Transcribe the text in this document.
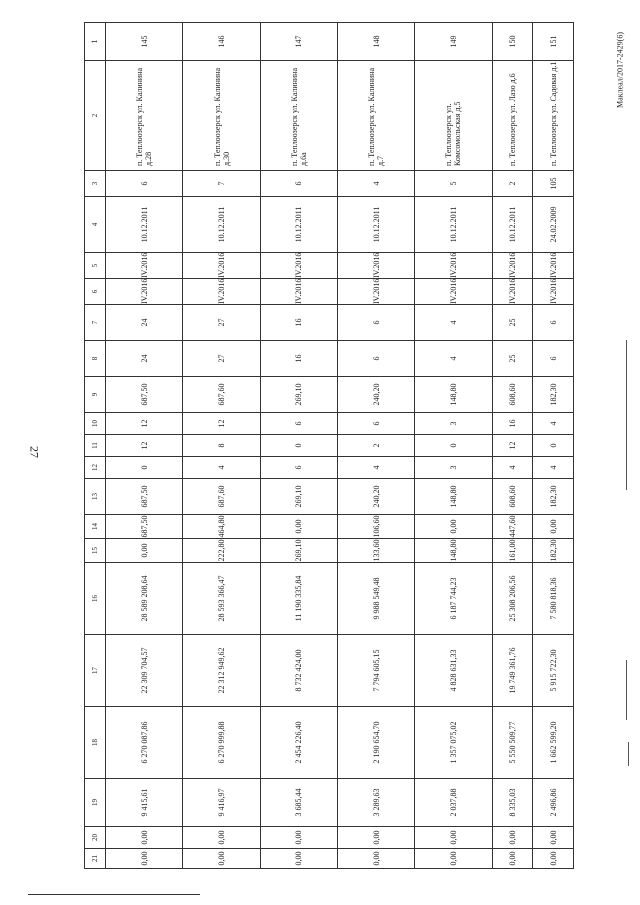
27
Маклеал/2017-2429(6)
151	п. Теплоозерск ул. Садовая д.1	105	24.02.2009	IV.2016	IV.2016	6	6	182,30	4	0	4	182,30	0,00	182,30	7 580 818,36	5 915 722,30	1 662 599,20	2 496,86	0,00	0,00

150	п. Теплоозерск ул. Лазо д.6	2	10.12.2011	IV.2016	IV.2016	25	25	608,60	16	12	4	608,60	447,60	161,00	25 308 206,56	19 749 361,76	5 550 509,77	8 335,03	0,00	0,00

149	п. Теплоозерск ул. Комсомольская д.5	5	10.12.2011	IV.2016	IV.2016	4	4	148,80	3	0	3	148,80	0,00	148,80	6 187 744,23	4 828 631,33	1 357 075,02	2 037,88	0,00	0,00

148	п. Теплоозерск ул. Калинина д.7	4	10.12.2011	IV.2016	IV.2016	6	6	240,20	6	2	4	240,20	106,60	133,60	9 988 549,48	7 794 605,15	2 190 654,70	3 289,63	0,00	0,00

147	п. Теплоозерск ул. Калинина д.6а	6	10.12.2011	IV.2016	IV.2016	16	16	269,10	6	0	6	269,10	0,00	269,10	11 190 335,84	8 732 424,00	2 454 226,40	3 685,44	0,00	0,00

146	п. Теплоозерск ул. Калинина д.30	7	10.12.2011	IV.2016	IV.2016	27	27	687,60	12	8	4	687,60	464,80	222,80	28 593 366,47	22 312 949,62	6 270 999,88	9 416,97	0,00	0,00

145	п. Теплоозерск ул. Калинина д.28	6	10.12.2011	IV.2016	IV.2016	24	24	687,50	12	12	0	687,50	687,50	0,00	28 589 208,64	22 309 704,57	6 270 087,86	9 415,61	0,00	0,00

1	2	3	4	5	6	7	8	9	10	11	12	13	14	15	16	17	18	19	20	21
